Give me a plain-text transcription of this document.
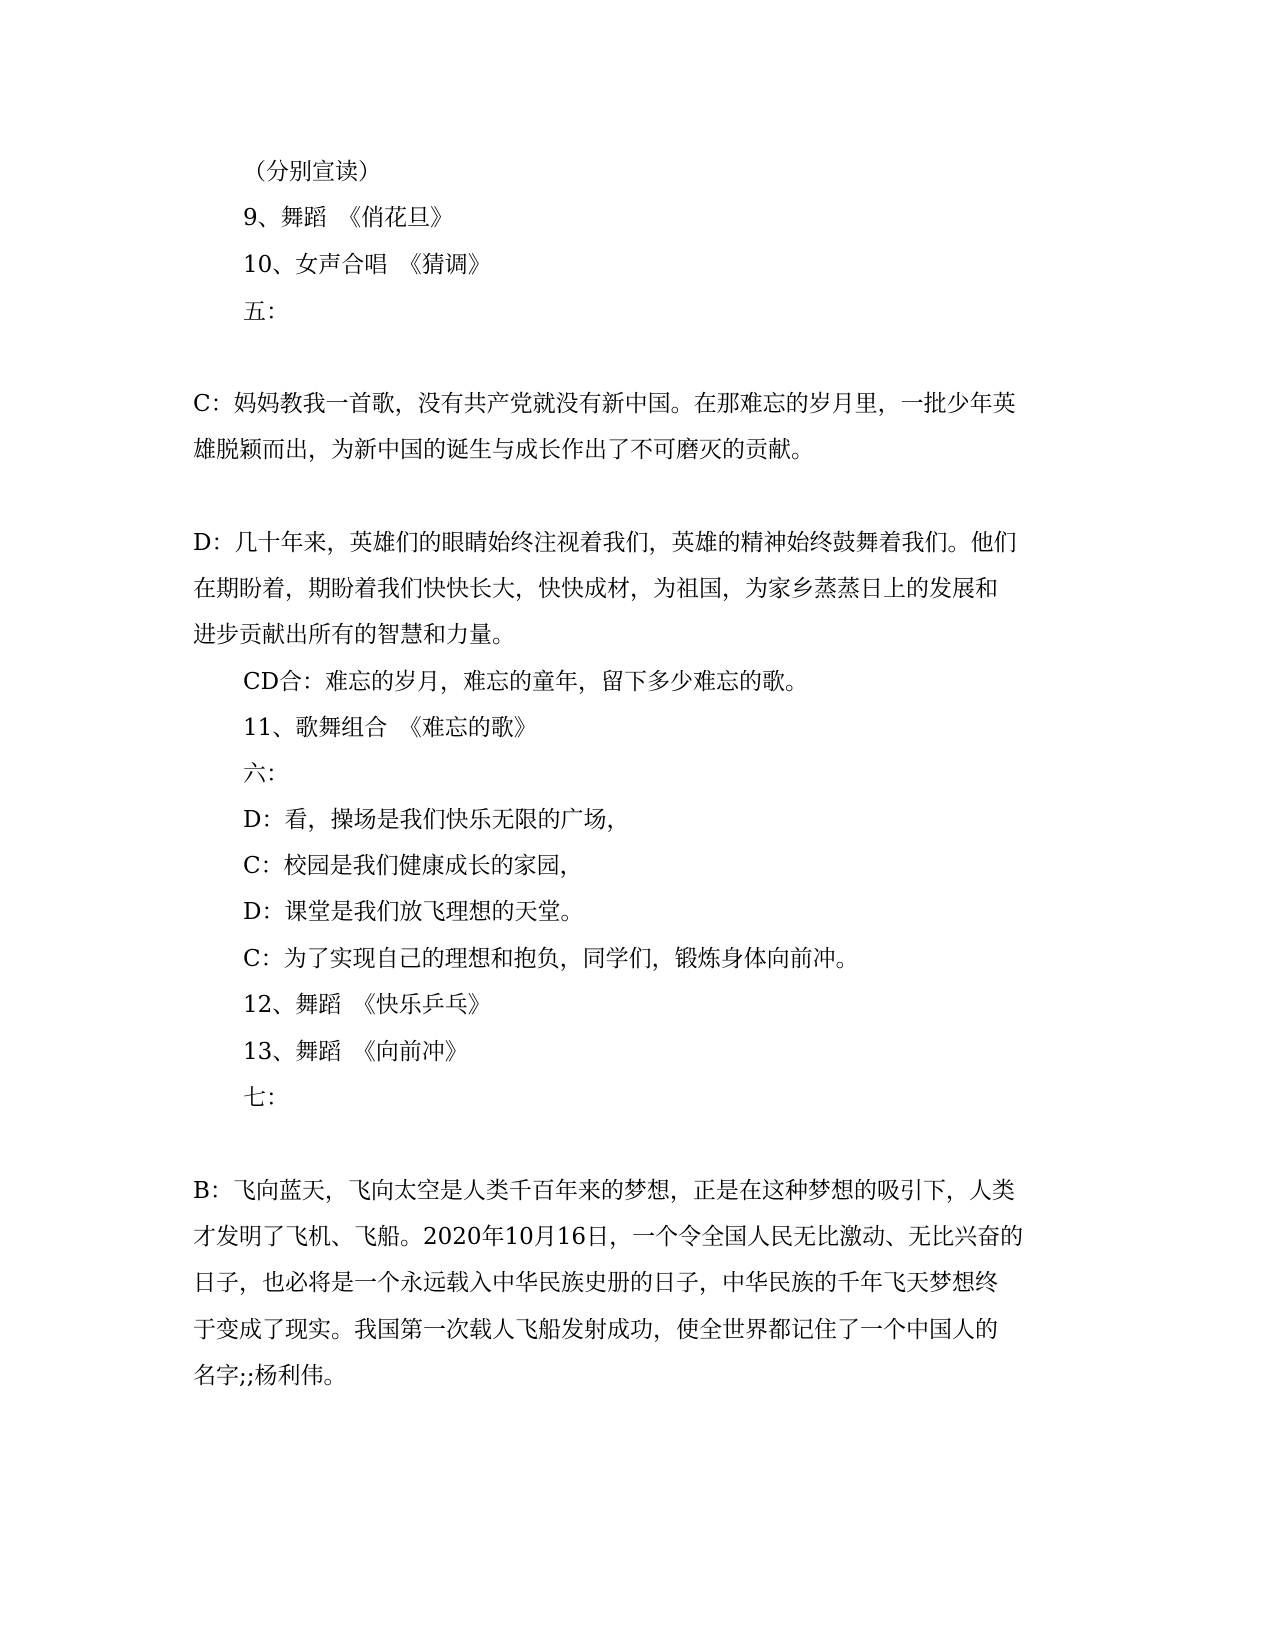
（分别宣读）
9、舞蹈　《俏花旦》
10、女声合唱　《猜调》
五：
C：妈妈教我一首歌，没有共产党就没有新中国。在那难忘的岁月里，一批少年英
雄脱颖而出，为新中国的诞生与成长作出了不可磨灭的贡献。
D：几十年来，英雄们的眼睛始终注视着我们，英雄的精神始终鼓舞着我们。他们
在期盼着，期盼着我们快快长大，快快成材，为祖国，为家乡蒸蒸日上的发展和
进步贡献出所有的智慧和力量。
CD合：难忘的岁月，难忘的童年，留下多少难忘的歌。
11、歌舞组合　《难忘的歌》
六：
D：看，操场是我们快乐无限的广场，
C：校园是我们健康成长的家园，
D：课堂是我们放飞理想的天堂。
C：为了实现自己的理想和抱负，同学们，锻炼身体向前冲。
12、舞蹈　《快乐乒乓》
13、舞蹈　《向前冲》
七：
B：飞向蓝天，飞向太空是人类千百年来的梦想，正是在这种梦想的吸引下，人类
才发明了飞机、飞船。2020年10月16日，一个令全国人民无比激动、无比兴奋的
日子，也必将是一个永远载入中华民族史册的日子，中华民族的千年飞天梦想终
于变成了现实。我国第一次载人飞船发射成功，使全世界都记住了一个中国人的
名字;;杨利伟。
